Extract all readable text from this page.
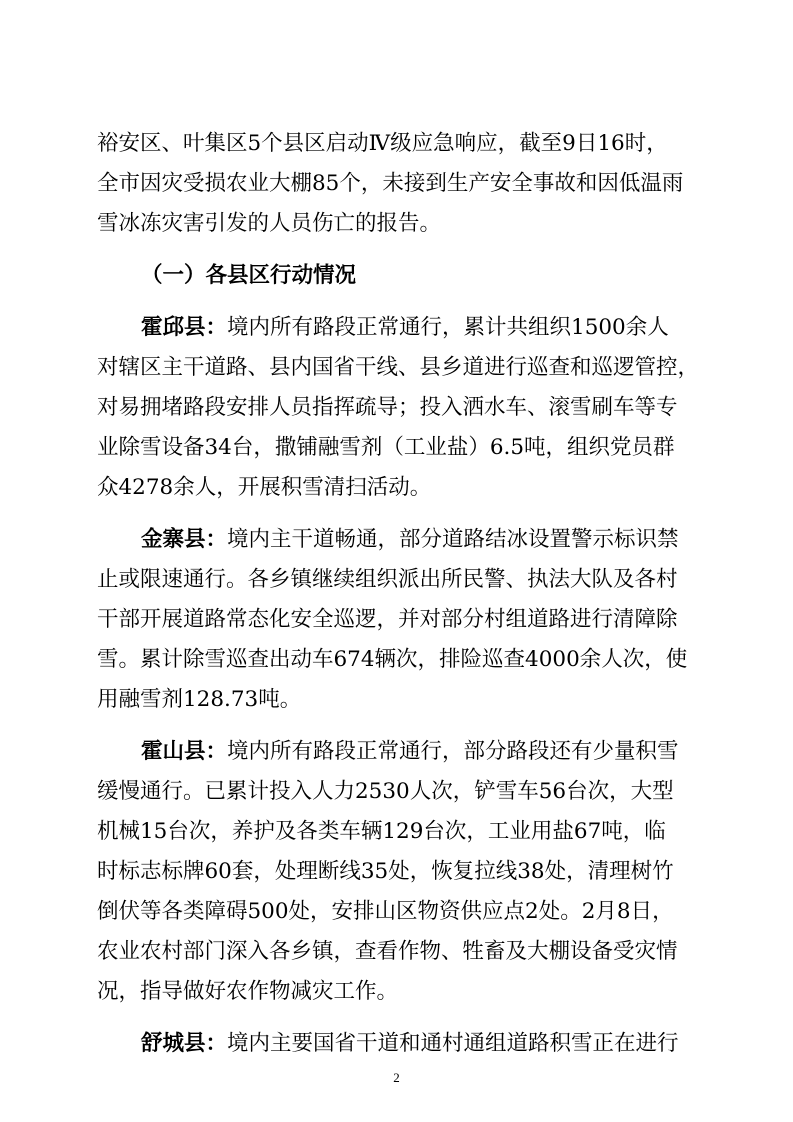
裕安区、叶集区5个县区启动Ⅳ级应急响应，截至9日16时，
全市因灾受损农业大棚85个，未接到生产安全事故和因低温雨
雪冰冻灾害引发的人员伤亡的报告。
（一）各县区行动情况
霍邱县：境内所有路段正常通行，累计共组织1500余人
对辖区主干道路、县内国省干线、县乡道进行巡查和巡逻管控，
对易拥堵路段安排人员指挥疏导；投入洒水车、滚雪刷车等专
业除雪设备34台，撒铺融雪剂（工业盐）6.5吨，组织党员群
众4278余人，开展积雪清扫活动。
金寨县：境内主干道畅通，部分道路结冰设置警示标识禁
止或限速通行。各乡镇继续组织派出所民警、执法大队及各村
干部开展道路常态化安全巡逻，并对部分村组道路进行清障除
雪。累计除雪巡查出动车674辆次，排险巡查4000余人次，使
用融雪剂128.73吨。
霍山县：境内所有路段正常通行，部分路段还有少量积雪
缓慢通行。已累计投入人力2530人次，铲雪车56台次，大型
机械15台次，养护及各类车辆129台次，工业用盐67吨，临
时标志标牌60套，处理断线35处，恢复拉线38处，清理树竹
倒伏等各类障碍500处，安排山区物资供应点2处。2月8日，
农业农村部门深入各乡镇，查看作物、牲畜及大棚设备受灾情
况，指导做好农作物减灾工作。
舒城县：境内主要国省干道和通村通组道路积雪正在进行
2
